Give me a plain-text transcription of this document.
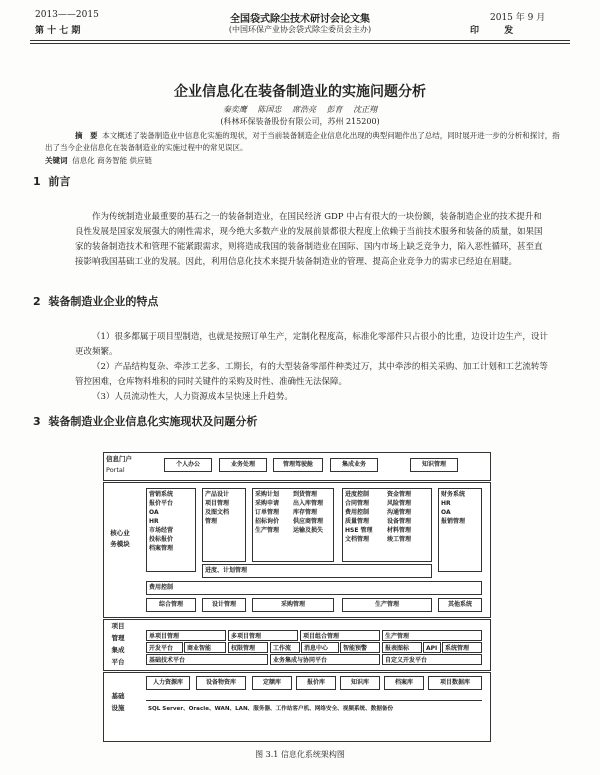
2013——2015
第 十 七 期
全国袋式除尘技术研讨会论文集
(中国环保产业协会袋式除尘委员会主办)
2015 年 9 月
印        发
企业信息化在装备制造业的实施问题分析
秦奕鹰 陈国忠 席浩亮 彭育 沈正翔
(科林环保装备股份有限公司，苏州 215200)
摘　要 本文概述了装备制造业中信息化实施的现状，对于当前装备制造企业信息化出现的典型问题作出了总结，同时展开进一步的分析和探讨，指出了当今企业信息化在装备制造业的实施过程中的常见误区。
关键词 信息化 商务智能 供应链
1 前言

作为传统制造业最重要的基石之一的装备制造业，在国民经济 GDP 中占有很大的一块份额，装备制造企业的技术提升和良性发展是国家发展强大的刚性需求，现今绝大多数产业的发展前景都很大程度上依赖于当前技术服务和装备的质量，如果国家的装备制造技术和管理不能紧跟需求，则将造成我国的装备制造业在国际、国内市场上缺乏竞争力，陷入恶性循环，甚至直接影响我国基础工业的发展。因此，利用信息化技术来提升装备制造业的管理、提高企业竞争力的需求已经迫在眉睫。

2 装备制造业企业的特点

（1）很多都属于项目型制造，也就是按照订单生产，定制化程度高，标准化零部件只占很小的比重，边设计边生产，设计更改频繁。

（2）产品结构复杂、牵涉工艺多、工期长，有的大型装备零部件种类过万，其中牵涉的相关采购、加工计划和工艺流转等管控困难，仓库物料堆积的同时关键件的采购及时性、准确性无法保障。

（3）人员流动性大，人力资源成本呈快速上升趋势。

3 装备制造业企业信息化实施现状及问题分析
信息门户
Portal
个人办公	业务处理	管理驾驶舱	集成业务	知识管理
核心业务模块
营销系统
报价平台
OA
HR
市场经营
投标报价
档案管理
产品设计
项目管理
及图文档
管理
采购计划
采购申请
订单管理
招标询价
生产管理
到货管理
出入库管理
库存管理
供应商管理
运输及损失
进度控制
合同管理
费用控制
质量管理
HSE 管理
文档管理
资金管理
风险管理
沟通管理
设备管理
材料管理
竣工管理
财务系统
HR
OA
报销管理
进度、计划管理
费用控制
综合管理	设计管理	采购管理	生产管理	其他系统
项目管理集成平台
单项目管理	多项目管理	项目组合管理	生产管理
开发平台	商业智能	权限管理	工作流	消息中心	智能预警	报表图标	API	系统管理
基础技术平台	业务集成与协同平台	自定义开发平台
基础设施
人力资源库	设备物资库	定额库	报价库	知识库	档案库	项目数据库
SQL Server、Oracle、WAN、LAN、服务器、工作站客户机、网络安全、视频系统、数据备份
图 3.1 信息化系统架构图
